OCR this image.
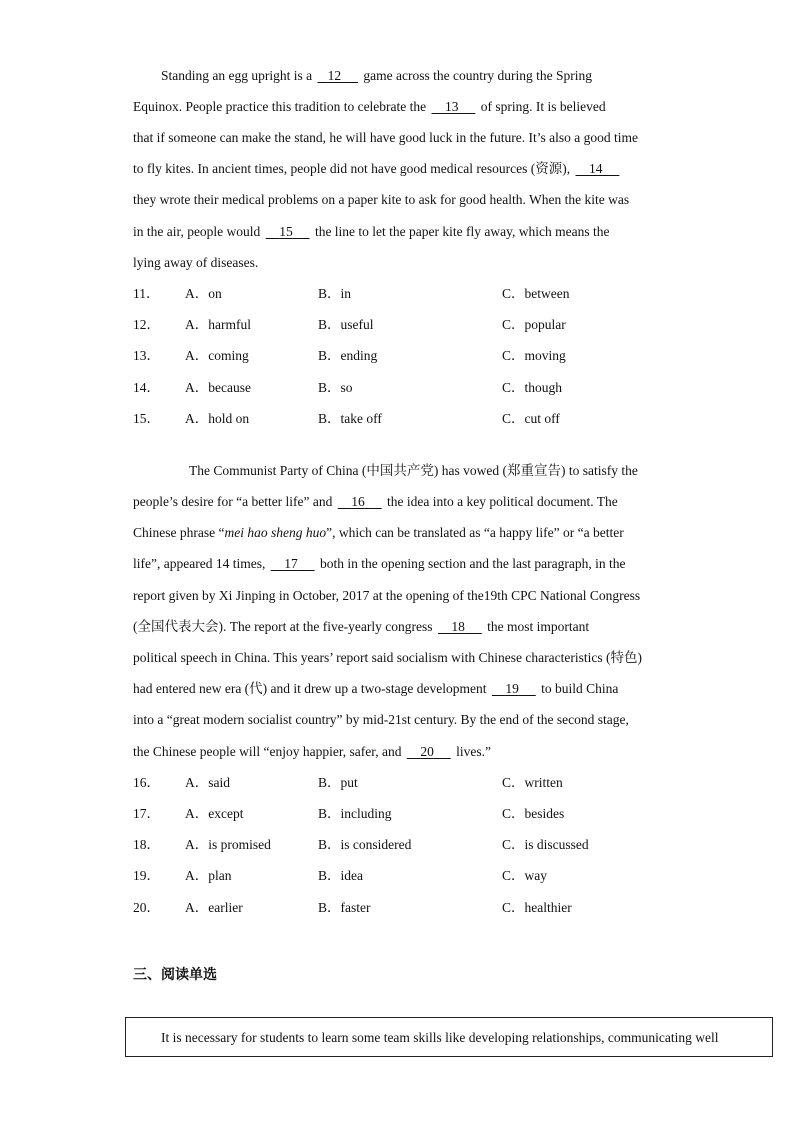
Standing an egg upright is a    12      game across the country during the Spring
Equinox. People practice this tradition to celebrate the     13      of spring. It is believed
that if someone can make the stand, he will have good luck in the future. It’s also a good time
to fly kites. In ancient times, people did not have good medical resources (资源),     14
they wrote their medical problems on a paper kite to ask for good health. When the kite was
in the air, people would     15      the line to let the paper kite fly away, which means the
lying away of diseases.
11． A．on	B．in	C．between
12． A．harmful	B．useful	C．popular
13． A．coming	B．ending	C．moving
14． A．because	B．so	C．though
15． A．hold on	B．take off	C．cut off
The Communist Party of China (中国共产党) has vowed (郑重宣告) to satisfy the
people’s desire for “a better life” and     16      the idea into a key political document. The
Chinese phrase “mei hao sheng huo”, which can be translated as “a happy life” or “a better
life”, appeared 14 times,     17      both in the opening section and the last paragraph, in the
report given by Xi Jinping in October, 2017 at the opening of the19th CPC National Congress
(全国代表大会). The report at the five-yearly congress     18      the most important
political speech in China. This years’ report said socialism with Chinese characteristics (特色)
had entered new era (代) and it drew up a two-stage development     19      to build China
into a “great modern socialist country” by mid-21st century. By the end of the second stage,
the Chinese people will “enjoy happier, safer, and     20      lives.”
16． A．said	B．put	C．written
17． A．except	B．including	C．besides
18． A．is promised	B．is considered	C．is discussed
19． A．plan	B．idea	C．way
20． A．earlier	B．faster	C．healthier
三、阅读单选
It is necessary for students to learn some team skills like developing relationships, communicating well
